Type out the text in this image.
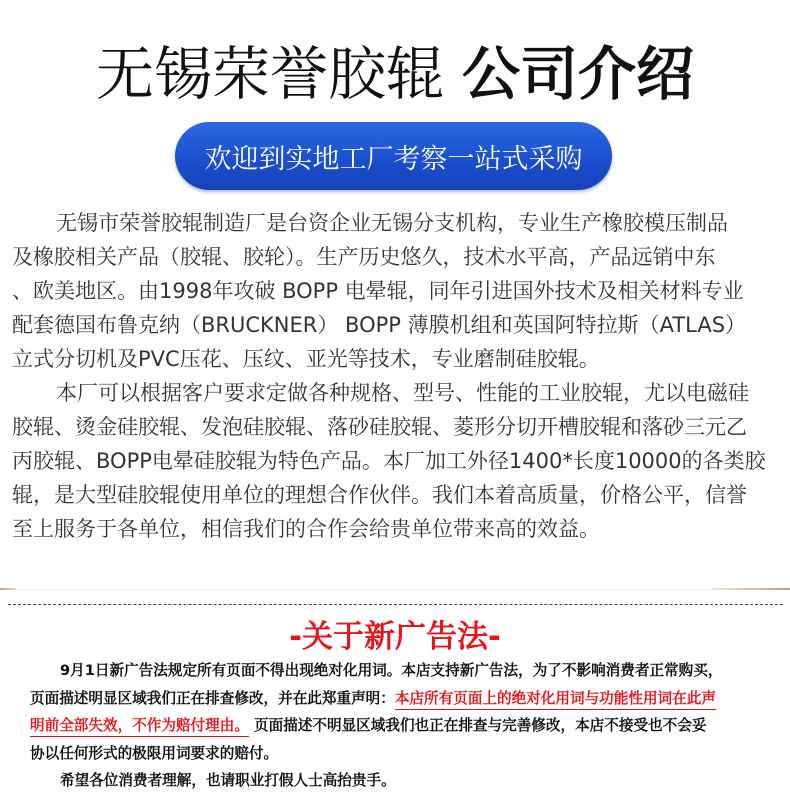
无锡荣誉胶辊 公司介绍
欢迎到实地工厂考察一站式采购
无锡市荣誉胶辊制造厂是台资企业无锡分支机构，专业生产橡胶模压制品
及橡胶相关产品（胶辊、胶轮）。生产历史悠久，技术水平高，产品远销中东
、欧美地区。由1998年攻破 BOPP 电晕辊，同年引进国外技术及相关材料专业
配套德国布鲁克纳（BRUCKNER） BOPP 薄膜机组和英国阿特拉斯（ATLAS）
立式分切机及PVC压花、压纹、亚光等技术，专业磨制硅胶辊。
本厂可以根据客户要求定做各种规格、型号、性能的工业胶辊，尤以电磁硅
胶辊、烫金硅胶辊、发泡硅胶辊、落砂硅胶辊、菱形分切开槽胶辊和落砂三元乙
丙胶辊、BOPP电晕硅胶辊为特色产品。本厂加工外径1400*长度10000的各类胶
辊，是大型硅胶辊使用单位的理想合作伙伴。我们本着高质量，价格公平，信誉
至上服务于各单位，相信我们的合作会给贵单位带来高的效益。
-关于新广告法-
9月1日新广告法规定所有页面不得出现绝对化用词。本店支持新广告法，为了不影响消费者正常购买，
页面描述明显区域我们正在排查修改，并在此郑重声明：本店所有页面上的绝对化用词与功能性用词在此声
明前全部失效，不作为赔付理由。 页面描述不明显区域我们也正在排查与完善修改，本店不接受也不会妥
协以任何形式的极限用词要求的赔付。
希望各位消费者理解，也请职业打假人士高抬贵手。
